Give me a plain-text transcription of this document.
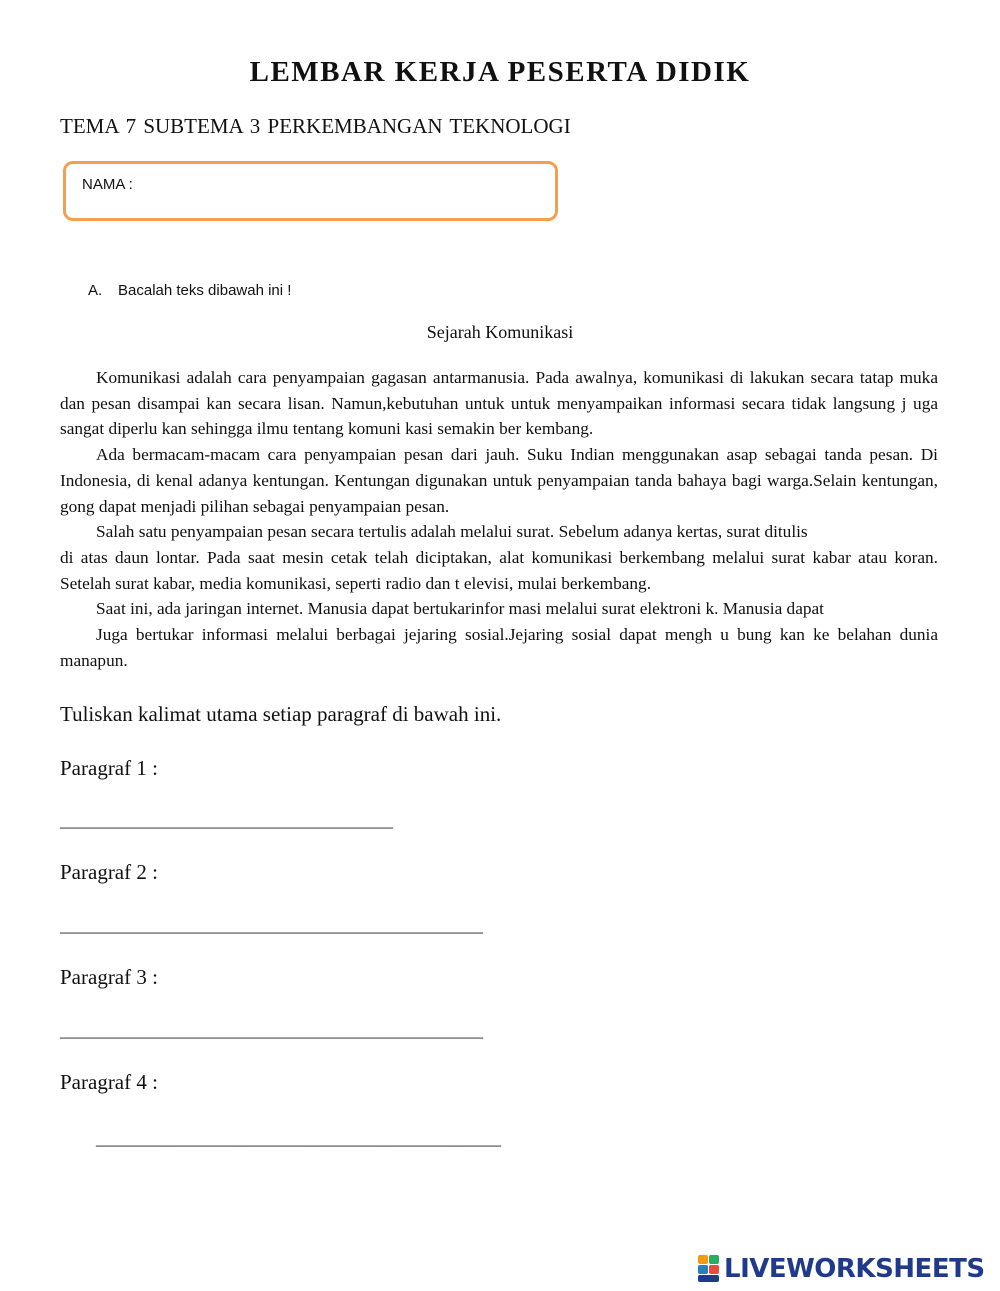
LEMBAR KERJA PESERTA DIDIK
TEMA 7 SUBTEMA 3 PERKEMBANGAN TEKNOLOGI
NAMA :
A. Bacalah teks dibawah ini !
Sejarah Komunikasi

Komunikasi adalah cara penyampaian gagasan antarmanusia. Pada awalnya, komunikasi di lakukan secara tatap muka dan pesan disampai kan secara lisan. Namun,kebutuhan untuk untuk menyampaikan informasi secara tidak langsung j uga sangat diperlu kan sehingga ilmu tentang komuni kasi semakin ber kembang.

Ada bermacam-macam cara penyampaian pesan dari jauh. Suku Indian menggunakan asap sebagai tanda pesan. Di Indonesia, di kenal adanya kentungan. Kentungan digunakan untuk penyampaian tanda bahaya bagi warga.Selain kentungan, gong dapat menjadi pilihan sebagai penyampaian pesan.

Salah satu penyampaian pesan secara tertulis adalah melalui surat. Sebelum adanya kertas, surat ditulis

di atas daun lontar. Pada saat mesin cetak telah diciptakan, alat komunikasi berkembang melalui surat kabar atau koran. Setelah surat kabar, media komunikasi, seperti radio dan t elevisi, mulai berkembang.

Saat ini, ada jaringan internet. Manusia dapat bertukarinfor masi melalui surat elektroni k. Manusia dapat

Juga bertukar informasi melalui berbagai jejaring sosial.Jejaring sosial dapat mengh u bung kan ke belahan dunia manapun.

Tuliskan kalimat utama setiap paragraf di bawah ini.
Paragraf 1 :
_____________________________________
Paragraf 2 :
_______________________________________________
Paragraf 3 :
_______________________________________________
Paragraf 4 :
_____________________________________________
LIVEWORKSHEETS
